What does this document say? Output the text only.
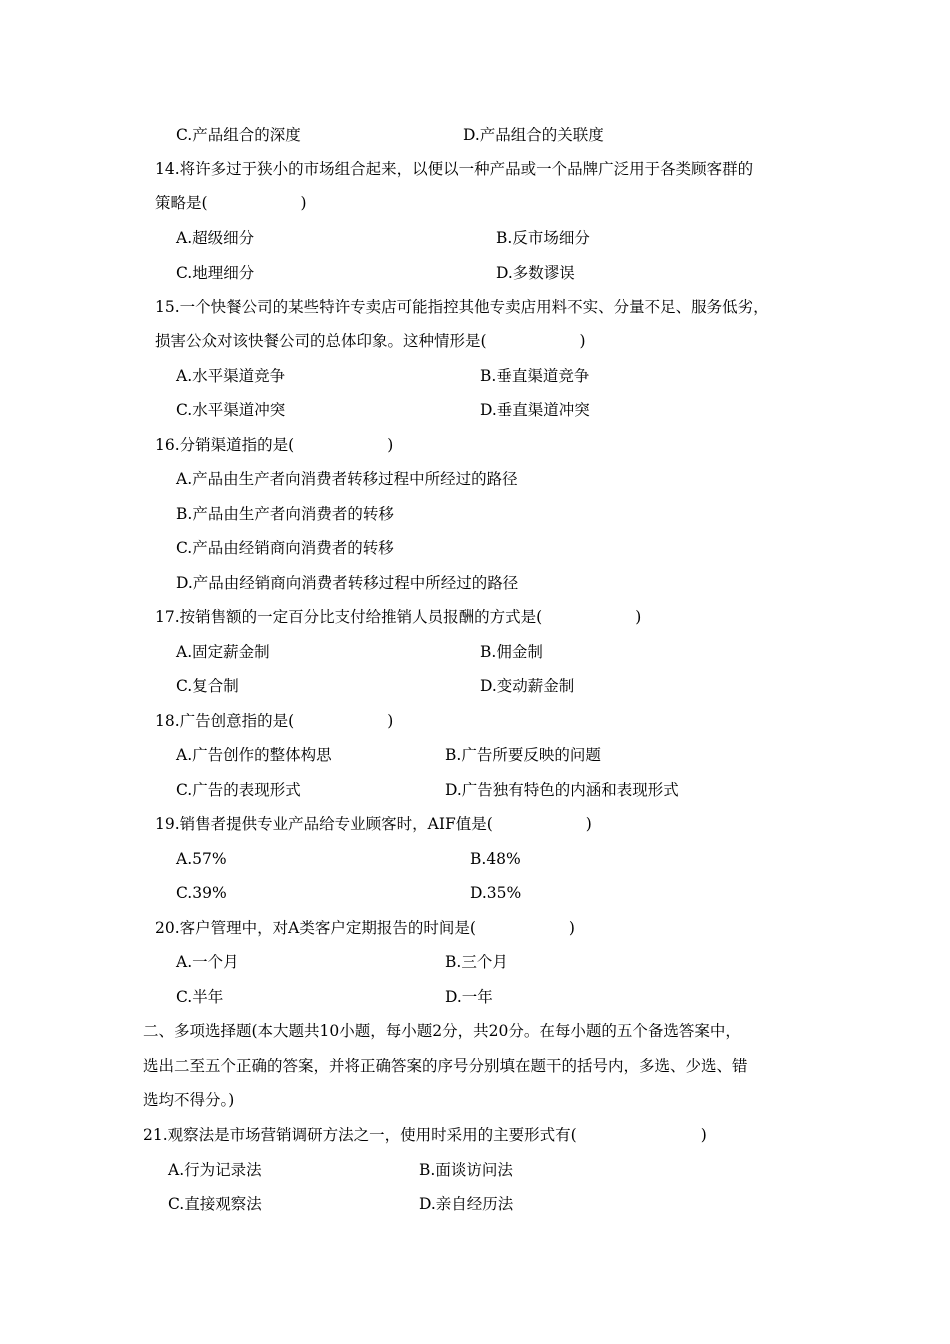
C.产品组合的深度	D.产品组合的关联度
14.将许多过于狭小的市场组合起来，以便以一种产品或一个品牌广泛用于各类顾客群的
策略是(　　　　　　)
A.超级细分	B.反市场细分
C.地理细分	D.多数谬误
15.一个快餐公司的某些特许专卖店可能指控其他专卖店用料不实、分量不足、服务低劣，
损害公众对该快餐公司的总体印象。这种情形是(　　　　　　)
A.水平渠道竞争	B.垂直渠道竞争
C.水平渠道冲突	D.垂直渠道冲突
16.分销渠道指的是(　　　　　　)
A.产品由生产者向消费者转移过程中所经过的路径
B.产品由生产者向消费者的转移
C.产品由经销商向消费者的转移
D.产品由经销商向消费者转移过程中所经过的路径
17.按销售额的一定百分比支付给推销人员报酬的方式是(　　　　　　)
A.固定薪金制	B.佣金制
C.复合制	D.变动薪金制
18.广告创意指的是(　　　　　　)
A.广告创作的整体构思	B.广告所要反映的问题
C.广告的表现形式	D.广告独有特色的内涵和表现形式
19.销售者提供专业产品给专业顾客时，AIF值是(　　　　　　)
A.57%	B.48%
C.39%	D.35%
20.客户管理中，对A类客户定期报告的时间是(　　　　　　)
A.一个月	B.三个月
C.半年	D.一年
二、多项选择题(本大题共10小题，每小题2分，共20分。在每小题的五个备选答案中，
选出二至五个正确的答案，并将正确答案的序号分别填在题干的括号内，多选、少选、错
选均不得分。)
21.观察法是市场营销调研方法之一，使用时采用的主要形式有(　　　　　　　　)
A.行为记录法	B.面谈访问法
C.直接观察法	D.亲自经历法
